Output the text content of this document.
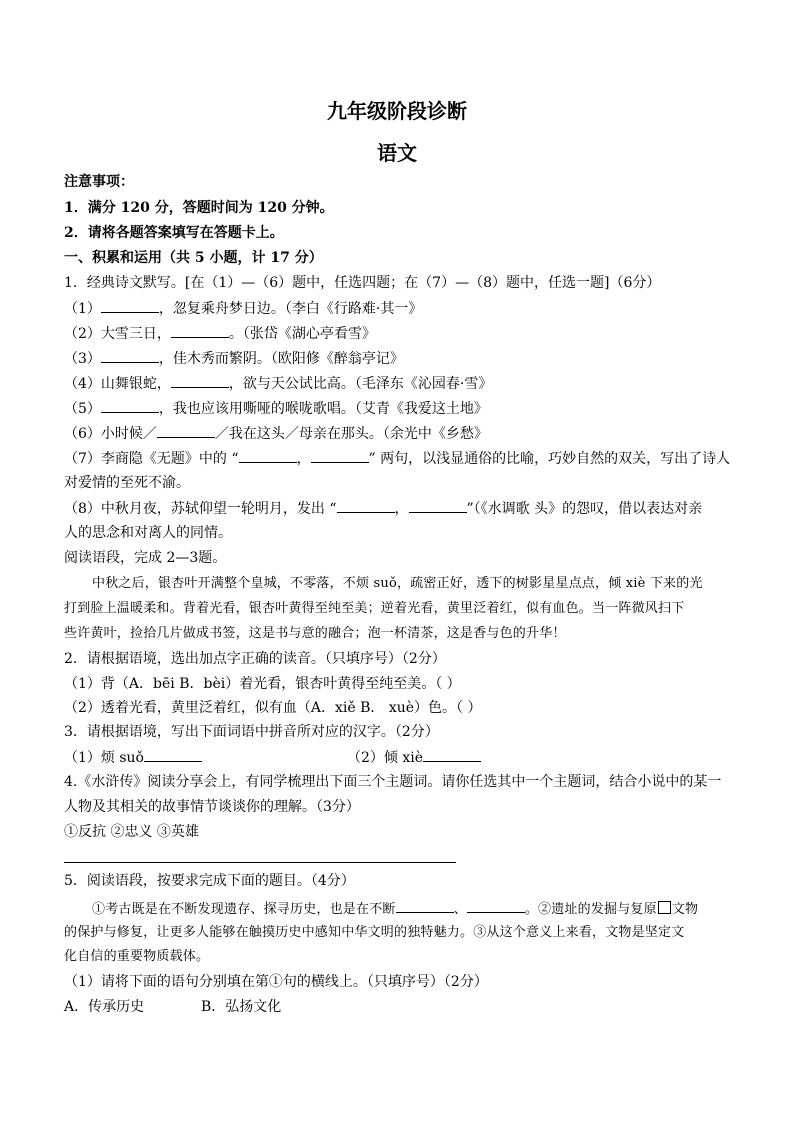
九年级阶段诊断
语文
注意事项：
1．满分 120 分，答题时间为 120 分钟。
2．请将各题答案填写在答题卡上。
一、积累和运用（共 5 小题，计 17 分）
1．经典诗文默写。[在（1）—（6）题中，任选四题；在（7）—（8）题中，任选一题]（6分）
（1）	，忽复乘舟梦日边。（李白《行路难·其一》
（2）大雪三日，	。（张岱《湖心亭看雪》
（3）	，佳木秀而繁阴。（欧阳修《醉翁亭记》
（4）山舞银蛇，	，欲与天公试比高。（毛泽东《沁园春·雪》
（5）	，我也应该用嘶哑的喉咙歌唱。（艾青《我爱这土地》
（6）小时候／	／我在这头／母亲在那头。（余光中《乡愁》
（7）李商隐《无题》中的 “	，	” 两句，以浅显通俗的比喻，巧妙自然的双关，写出了诗人
对爱情的至死不渝。
（8）中秋月夜，苏轼仰望一轮明月，发出 “	，	”（《水调歌 头》的怨叹，借以表达对亲
人的思念和对离人的同情。
阅读语段，完成 2—3题。
中秋之后，银杏叶开满整个皇城，不零落，不烦 suǒ，疏密正好，透下的树影星星点点，倾 xiè 下来的光
打到脸上温暖柔和。背着光看，银杏叶黄得至纯至美；逆着光看，黄里泛着红，似有血色。当一阵微风扫下
些许黄叶，捡拾几片做成书签，这是书与意的融合；泡一杯清茶，这是香与色的升华！
2．请根据语境，选出加点字正确的读音。（只填序号）（2分）
（1）背（A．bēi B．bèi）着光看，银杏叶黄得至纯至美。（ ）
（2）透着光看，黄里泛着红，似有血（A．xiě B． xuè）色。（ ）
3．请根据语境，写出下面词语中拼音所对应的汉字。（2分）
（1）烦 suǒ	（2）倾 xiè
4.《水浒传》阅读分享会上，有同学梳理出下面三个主题词。请你任选其中一个主题词，结合小说中的某一
人物及其相关的故事情节谈谈你的理解。（3分）
①反抗 ②忠义 ③英雄
5．阅读语段，按要求完成下面的题目。（4分）
①考古既是在不断发现遗存、探寻历史，也是在不断	、	。②遗址的发掘与复原 文物
的保护与修复，让更多人能够在触摸历史中感知中华文明的独特魅力。③从这个意义上来看，文物是坚定文
化自信的重要物质载体。
（1）请将下面的语句分别填在第①句的横线上。（只填序号）（2分）
A．传承历史	B．弘扬文化
